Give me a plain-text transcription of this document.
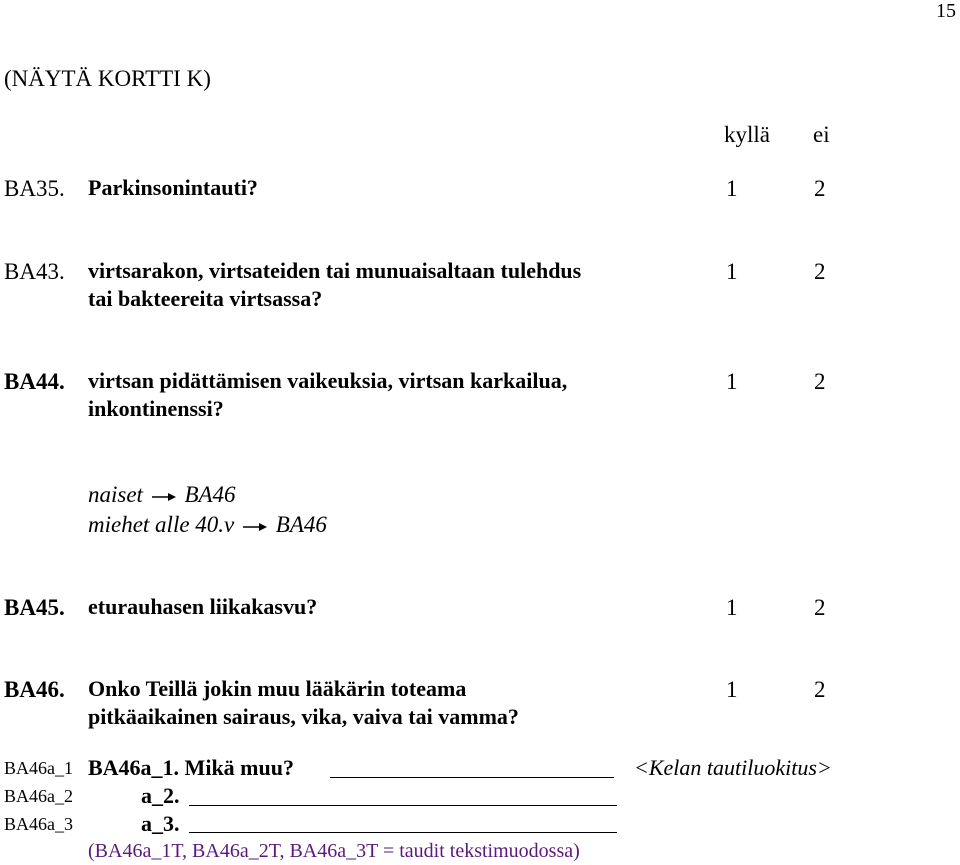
15
(NÄYTÄ KORTTI K)
kyllä ei
BA35. Parkinsonintauti?	1	2
BA43. virtsarakon, virtsateiden tai munuaisaltaan tulehdus
tai bakteereita virtsassa?
1	2
BA44. virtsan pidättämisen vaikeuksia, virtsan karkailua,
inkontinenssi?
1	2
naiset BA46
miehet alle 40.v BA46
BA45. eturauhasen liikakasvu?	1	2
BA46. Onko Teillä jokin muu lääkärin toteama
pitkäaikainen sairaus, vika, vaiva tai vamma?
1	2
BA46a_1 BA46a_1. Mikä muu?	<Kelan tautiluokitus>
BA46a_2	a_2.
BA46a_3	a_3.
(BA46a_1T, BA46a_2T, BA46a_3T = taudit tekstimuodossa)
